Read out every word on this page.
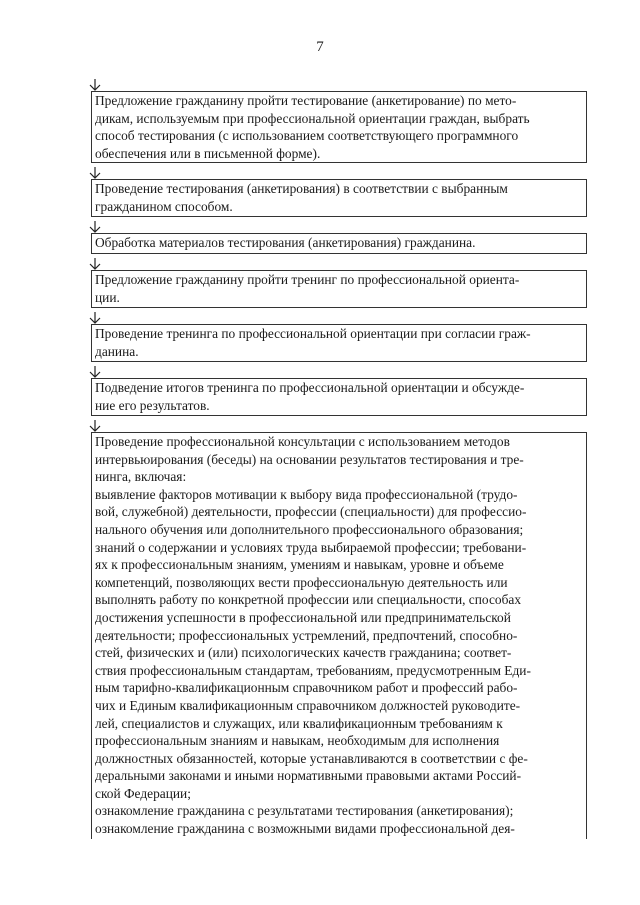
7
Предложение гражданину пройти тестирование (анкетирование) по мето-
дикам, используемым при профессиональной ориентации граждан, выбрать
способ тестирования (с использованием соответствующего программного
обеспечения или в письменной форме).
Проведение тестирования (анкетирования) в соответствии с выбранным
гражданином способом.
Обработка материалов тестирования (анкетирования) гражданина.
Предложение гражданину пройти тренинг по профессиональной ориента-
ции.
Проведение тренинга по профессиональной ориентации при согласии граж-
данина.
Подведение итогов тренинга по профессиональной ориентации и обсужде-
ние его результатов.
Проведение профессиональной консультации с использованием методов
интервьюирования (беседы) на основании результатов тестирования и тре-
нинга, включая:
выявление факторов мотивации к выбору вида профессиональной (трудо-
вой, служебной) деятельности, профессии (специальности) для профессио-
нального обучения или дополнительного профессионального образования;
знаний о содержании и условиях труда выбираемой профессии; требовани-
ях к профессиональным знаниям, умениям и навыкам, уровне и объеме
компетенций, позволяющих вести профессиональную деятельность или
выполнять работу по конкретной профессии или специальности, способах
достижения успешности в профессиональной или предпринимательской
деятельности; профессиональных устремлений, предпочтений, способно-
стей, физических и (или) психологических качеств гражданина; соответ-
ствия профессиональным стандартам, требованиям, предусмотренным Еди-
ным тарифно-квалификационным справочником работ и профессий рабо-
чих и Единым квалификационным справочником должностей руководите-
лей, специалистов и служащих, или квалификационным требованиям к
профессиональным знаниям и навыкам, необходимым для исполнения
должностных обязанностей, которые устанавливаются в соответствии с фе-
деральными законами и иными нормативными правовыми актами Россий-
ской Федерации;
ознакомление гражданина с результатами тестирования (анкетирования);
ознакомление гражданина с возможными видами профессиональной дея-
